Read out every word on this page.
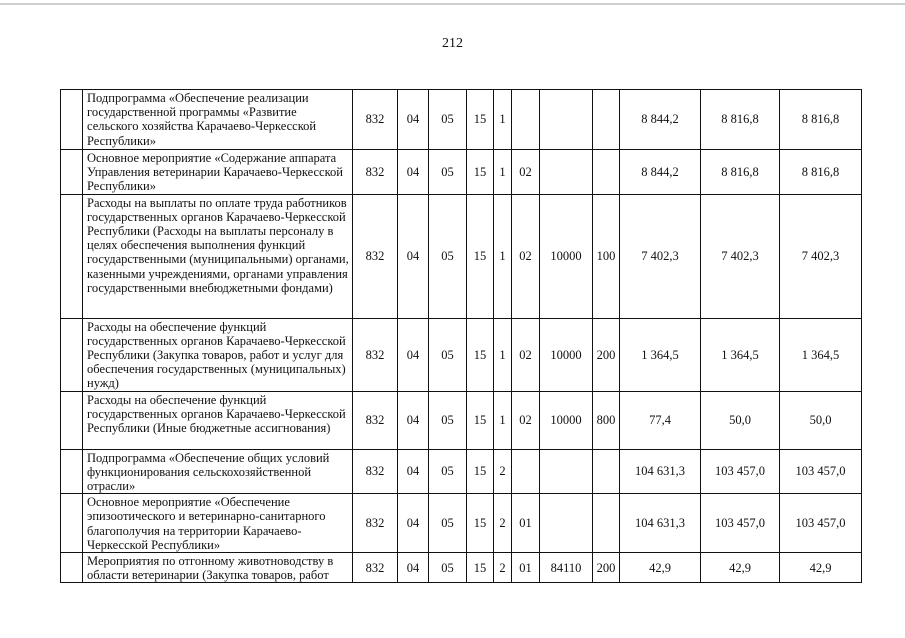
212
	Подпрограмма «Обеспечение реализации государственной программы «Развитие сельского хозяйства Карачаево-Черкесской Республики»	832	04	05	15	1				8 844,2	8 816,8	8 816,8
	Основное мероприятие «Содержание аппарата Управления ветеринарии Карачаево-Черкесской Республики»	832	04	05	15	1	02			8 844,2	8 816,8	8 816,8
	Расходы на выплаты по оплате труда работников государственных органов Карачаево-Черкесской Республики (Расходы на выплаты персоналу в целях обеспечения выполнения функций государственными (муниципальными) органами, казенными учреждениями, органами управления государственными внебюджетными фондами)	832	04	05	15	1	02	10000	100	7 402,3	7 402,3	7 402,3
	Расходы на обеспечение функций государственных органов Карачаево-Черкесской Республики (Закупка товаров, работ и услуг для обеспечения государственных (муниципальных) нужд)	832	04	05	15	1	02	10000	200	1 364,5	1 364,5	1 364,5
	Расходы на обеспечение функций государственных органов Карачаево-Черкесской Республики (Иные бюджетные ассигнования)	832	04	05	15	1	02	10000	800	77,4	50,0	50,0
	Подпрограмма «Обеспечение общих условий функционирования сельскохозяйственной отрасли»	832	04	05	15	2				104 631,3	103 457,0	103 457,0
	Основное мероприятие «Обеспечение эпизоотического и ветеринарно-санитарного благополучия на территории Карачаево-Черкесской Республики»	832	04	05	15	2	01			104 631,3	103 457,0	103 457,0
	Мероприятия по отгонному животноводству в области ветеринарии (Закупка товаров, работ	832	04	05	15	2	01	84110	200	42,9	42,9	42,9
